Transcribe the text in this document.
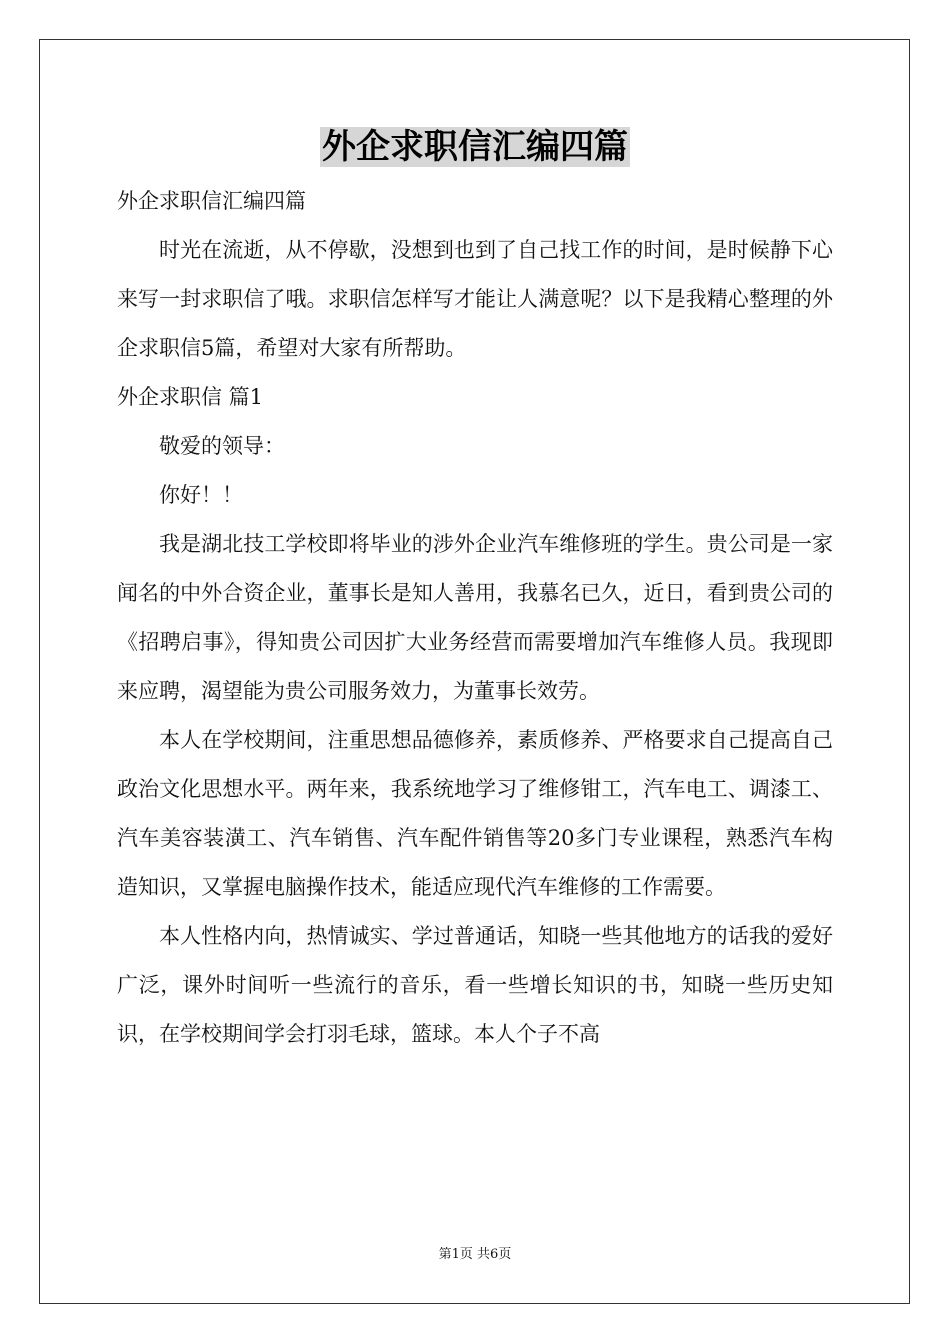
外企求职信汇编四篇

外企求职信汇编四篇

时光在流逝，从不停歇，没想到也到了自己找工作的时间，是时候静下心来写一封求职信了哦。求职信怎样写才能让人满意呢？以下是我精心整理的外企求职信5篇，希望对大家有所帮助。

外企求职信 篇1

敬爱的领导：

你好！！

我是湖北技工学校即将毕业的涉外企业汽车维修班的学生。贵公司是一家闻名的中外合资企业，董事长是知人善用，我慕名已久，近日，看到贵公司的《招聘启事》，得知贵公司因扩大业务经营而需要增加汽车维修人员。我现即来应聘，渴望能为贵公司服务效力，为董事长效劳。

本人在学校期间，注重思想品德修养，素质修养、严格要求自己提高自己政治文化思想水平。两年来，我系统地学习了维修钳工，汽车电工、调漆工、汽车美容装潢工、汽车销售、汽车配件销售等20多门专业课程，熟悉汽车构造知识，又掌握电脑操作技术，能适应现代汽车维修的工作需要。

本人性格内向，热情诚实、学过普通话，知晓一些其他地方的话我的爱好广泛，课外时间听一些流行的音乐，看一些增长知识的书，知晓一些历史知识，在学校期间学会打羽毛球，篮球。本人个子不高

第1页 共6页
